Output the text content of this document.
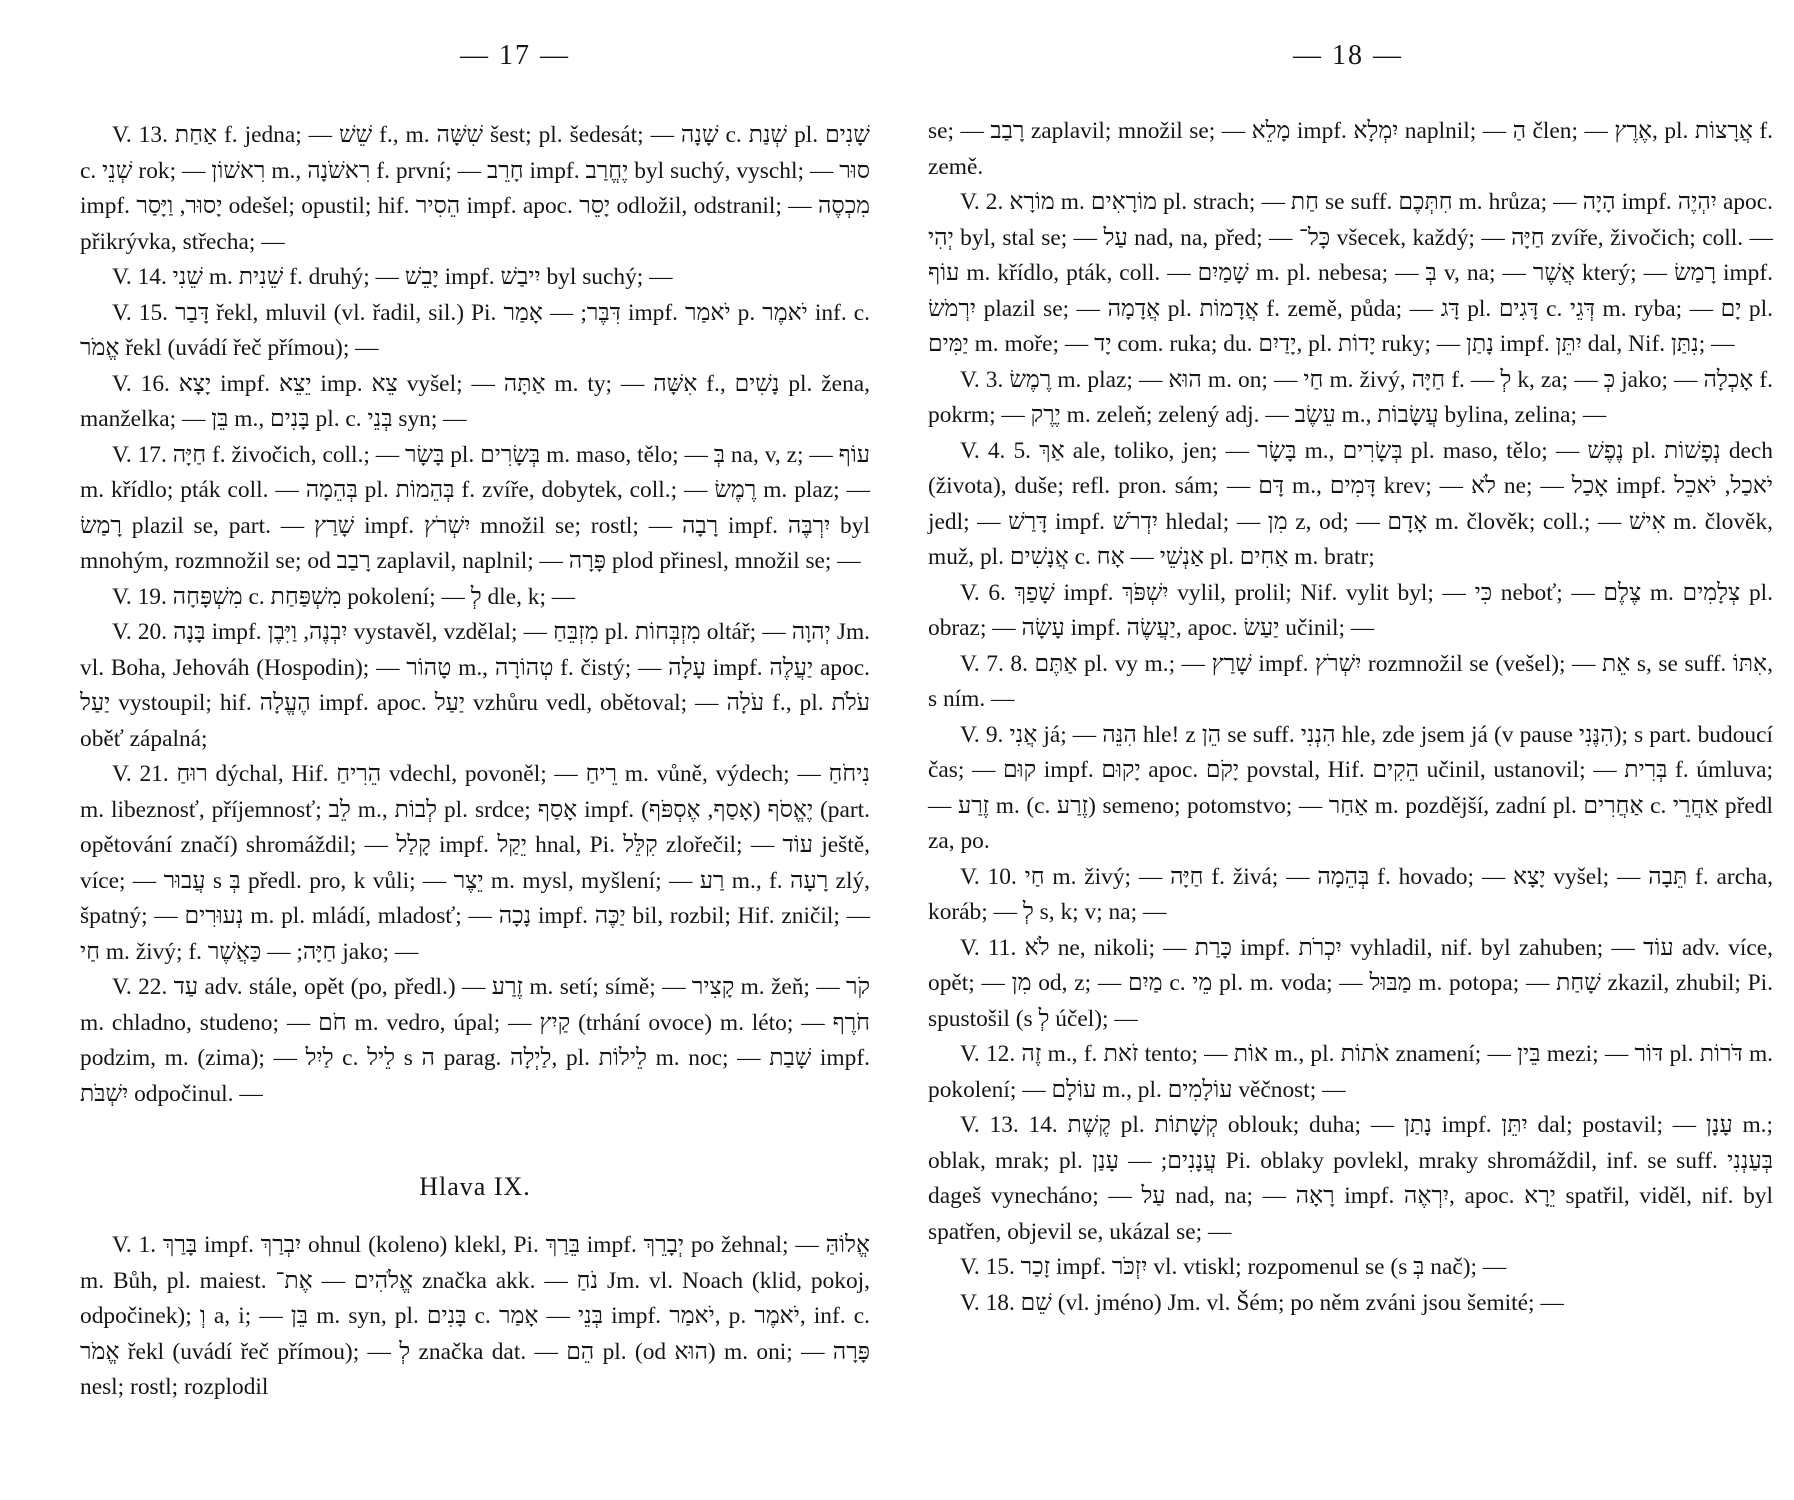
— 17 —

V. 13. אַחַת f. jedna; — שֵׁשׁ f., m. שִׁשָּׁה šest; pl. šedesát; — שָׁנָה c. שְׁנַת pl. שָׁנִים c. שְׁנֵי rok; — רִאשׁוֹן m., רִאשֹׁנָה f. první; — חָרֵב impf. יֶחֱרַב byl suchý, vyschl; — סוּר impf. יָסוּר, וַיָּסַר odešel; opustil; hif. הֵסִיר impf. apoc. יָסֵר odložil, odstranil; — מִכְסֶה přikrývka, střecha; —

V. 14. שֵׁנִי m. שֵׁנִית f. druhý; — יָבֵשׁ impf. יִיבַשׁ byl suchý; —

V. 15. דָּבַר řekl, mluvil (vl. řadil, sil.) Pi. דִּבֶּר; — אָמַר impf. יֹאמַר p. יֹאמֶר inf. c. אֱמֹר řekl (uvádí řeč přímou); —

V. 16. יָצָא impf. יֵצֵא imp. צֵא vyšel; — אַתָּה m. ty; — אִשָּׁה f., נָשִׁים pl. žena, manželka; — בֵּן m., בָּנִים pl. c. בְּנֵי syn; —

V. 17. חַיָּה f. živočich, coll.; — בָּשָׂר pl. בְּשָׂרִים m. maso, tělo; — בְּ na, v, z; — עוֹף m. křídlo; pták coll. — בְּהֵמָה pl. בְּהֵמוֹת f. zvíře, dobytek, coll.; — רֶמֶשׂ m. plaz; — רָמַשׂ plazil se, part. — שָׁרַץ impf. יִשְׁרֹץ množil se; rostl; — רָבָה impf. יִרְבֶּה byl mnohým, rozmnožil se; od רָבַב zaplavil, naplnil; — פָּרָה plod přinesl, množil se; —

V. 19. מִשְׁפָּחָה c. מִשְׁפַּחַת pokolení; — לְ dle, k; —

V. 20. בָּנָה impf. יִבְנֶה, וַיִּבֶן vystavěl, vzdělal; — מִזְבֵּחַ pl. מִזְבְּחוֹת oltář; — יְהוָה Jm. vl. Boha, Jehováh (Hospodin); — טָהוֹר m., טְהוֹרָה f. čistý; — עָלָה impf. יַעֲלֶה apoc. יַעַל vystoupil; hif. הֶעֱלָה impf. apoc. יַעַל vzhůru vedl, obětoval; — עֹלָה f., pl. עֹלֹת oběť zápalná;

V. 21. רוּחַ dýchal, Hif. הֵרִיחַ vdechl, povoněl; — רֵיחַ m. vůně, výdech; — נִיחֹחַ m. libeznosť, příjemnosť; לֵב m., לְבוֹת pl. srdce; אָסַף impf. יֶאֱסֹף (אָסַף, אֶסְפֹּף) (part. opětování značí) shromáždil; — קָלַל impf. יֵקַל hnal, Pi. קִלֵּל zlořečil; — עוֹד ještě, více; — עֲבוּר s בְּ předl. pro, k vůli; — יֵצֶר m. mysl, myšlení; — רַע m., f. רָעָה zlý, špatný; — נְעוּרִים m. pl. mládí, mladosť; — נָכָה impf. יַכֶּה bil, rozbil; Hif. zničil; — חַי m. živý; f. חַיָּה; — כַּאֲשֶׁר jako; —

V. 22. עַד adv. stále, opět (po, předl.) — זֶרַע m. setí; símě; — קָצִיר m. žeň; — קֹר m. chladno, studeno; — חֹם m. vedro, úpal; — קַיִץ (trhání ovoce) m. léto; — חֹרֶף podzim, m. (zima); — לַיִל c. לֵיל s ה parag. לַיְלָה, pl. לֵילוֹת m. noc; — שָׁבַת impf. יִשְׁבֹּת odpočinul. —

Hlava IX.

V. 1. בָּרַךְ impf. יִבְרַךְ ohnul (koleno) klekl, Pi. בֵּרַךְ impf. יְבָרֵךְ po žehnal; — אֱלוֹהַּ m. Bůh, pl. maiest. אֱלֹהִים — אֶת־ značka akk. — נֹחַ Jm. vl. Noach (klid, pokoj, odpočinek); וְ a, i; — בֵּן m. syn, pl. בָּנִים c. בְּנֵי — אָמַר impf. יֹאמַר, p. יֹאמֶר, inf. c. אֱמֹר řekl (uvádí řeč přímou); — לְ značka dat. — הֵם pl. (od הוּא) m. oni; — פָּרָה nesl; rostl; rozplodil

— 18 —

se; — רָבַב zaplavil; množil se; — מָלֵא impf. יִמְלָא naplnil; — הַ člen; — אֶרֶץ, pl. אֲרָצוֹת f. země.

V. 2. מוֹרָא m. מוֹרָאִים pl. strach; — חַת se suff. חִתְּכֶם m. hrůza; — הָיָה impf. יִהְיֶה apoc. יְהִי byl, stal se; — עַל nad, na, před; — כָּל־ všecek, každý; — חַיָּה zvíře, živočich; coll. — עוֹף m. křídlo, pták, coll. — שָׁמַיִם m. pl. nebesa; — בְּ v, na; — אֲשֶׁר který; — רָמַשׂ impf. יִרְמֹשׂ plazil se; — אֲדָמָה pl. אֲדָמוֹת f. země, půda; — דָּג pl. דָּגִים c. דְּגֵי m. ryba; — יָם pl. יַמִּים m. moře; — יָד com. ruka; du. יָדַיִם, pl. יָדוֹת ruky; — נָתַן impf. יִתֵּן dal, Nif. נִתַּן; —

V. 3. רֶמֶשׂ m. plaz; — הוּא m. on; — חַי m. živý, חַיָּה f. — לְ k, za; — כְּ jako; — אָכְלָה f. pokrm; — יֶרֶק m. zeleň; zelený adj. — עֵשֶׂב m., עֲשָׂבוֹת bylina, zelina; —

V. 4. 5. אַךְ ale, toliko, jen; — בָּשָׂר m., בְּשָׂרִים pl. maso, tělo; — נֶפֶשׁ pl. נְפָשׁוֹת dech (života), duše; refl. pron. sám; — דָּם m., דָּמִים krev; — לֹא ne; — אָכַל impf. יֹאכַל, יֹאכֵל jedl; — דָּרַשׁ impf. יִדְרֹשׁ hledal; — מִן z, od; — אָדָם m. člověk; coll.; — אִישׁ m. člověk, muž, pl. אֲנָשִׁים c. אַנְשֵׁי — אָח pl. אַחִים m. bratr;

V. 6. שָׁפַךְ impf. יִשְׁפֹּךְ vylil, prolil; Nif. vylit byl; — כִּי neboť; — צֶלֶם m. צְלָמִים pl. obraz; — עָשָׂה impf. יַעֲשֶׂה, apoc. יַעַשׂ učinil; —

V. 7. 8. אַתֶּם pl. vy m.; — שָׁרַץ impf. יִשְׁרֹץ rozmnožil se (vešel); — אֵת s, se suff. אִתּוֹ, s ním. —

V. 9. אֲנִי já; — הִנֵּה hle! z הֵן se suff. הִנְנִי hle, zde jsem já (v pause הִנֶּנִי); s part. budoucí čas; — קוּם impf. יָקוּם apoc. יָקֹם povstal, Hif. הֵקִים učinil, ustanovil; — בְּרִית f. úmluva; — זֶרַע m. (c. זֶרַע) semeno; potomstvo; — אַחַר m. pozdější, zadní pl. אַחֲרִים c. אַחֲרֵי předl za, po.

V. 10. חַי m. živý; — חַיָּה f. živá; — בְּהֵמָה f. hovado; — יָצָא vyšel; — תֵּבָה f. archa, koráb; — לְ s, k; v; na; —

V. 11. לֹא ne, nikoli; — כָּרַת impf. יִכְרֹת vyhladil, nif. byl zahuben; — עוֹד adv. více, opět; — מִן od, z; — מַיִם c. מֵי pl. m. voda; — מַבּוּל m. potopa; — שָׁחַת zkazil, zhubil; Pi. spustošil (s לְ účel); —

V. 12. זֶה m., f. זֹאת tento; — אוֹת m., pl. אֹתוֹת znamení; — בֵּין mezi; — דּוֹר pl. דֹּרוֹת m. pokolení; — עוֹלָם m., pl. עוֹלָמִים věčnost; —

V. 13. 14. קֶשֶׁת pl. קְשָׁתוֹת oblouk; duha; — נָתַן impf. יִתֵּן dal; postavil; — עָנָן m.; oblak, mrak; pl. עֲנָנִים; — עָנַן Pi. oblaky povlekl, mraky shromáždil, inf. se suff. בְּעַנְנִי dageš vynecháno; — עַל nad, na; — רָאָה impf. יִרְאֶה, apoc. יֵרָא spatřil, viděl, nif. byl spatřen, objevil se, ukázal se; —

V. 15. זָכַר impf. יִזְכֹּר vl. vtiskl; rozpomenul se (s בְּ nač); —

V. 18. שֵׁם (vl. jméno) Jm. vl. Šém; po něm zváni jsou šemité; —
